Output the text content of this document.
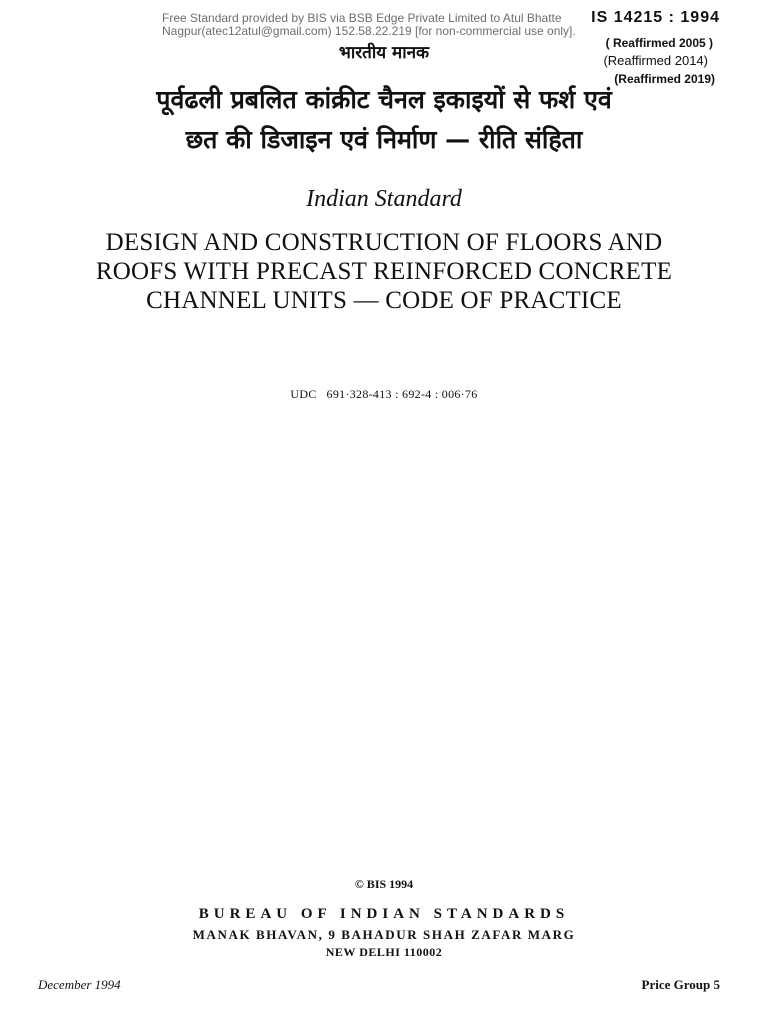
Free Standard provided by BIS via BSB Edge Private Limited to Atul Bhatte
Nagpur(atec12atul@gmail.com) 152.58.22.219 [for non-commercial use only].
IS 14215 : 1994
( Reaffirmed 2005 )
(Reaffirmed 2014)
(Reaffirmed 2019)
भारतीय मानक
पूर्वढली प्रबलित कांक्रीट चैनल इकाइयों से फर्श एवं
छत की डिजाइन एवं निर्माण — रीति संहिता
Indian Standard
DESIGN AND CONSTRUCTION OF FLOORS AND
ROOFS WITH PRECAST REINFORCED CONCRETE
CHANNEL UNITS — CODE OF PRACTICE
UDC   691·328-413 : 692-4 : 006·76
© BIS 1994
BUREAU OF INDIAN STANDARDS
MANAK BHAVAN, 9 BAHADUR SHAH ZAFAR MARG
NEW DELHI 110002
December 1994	Price Group 5
